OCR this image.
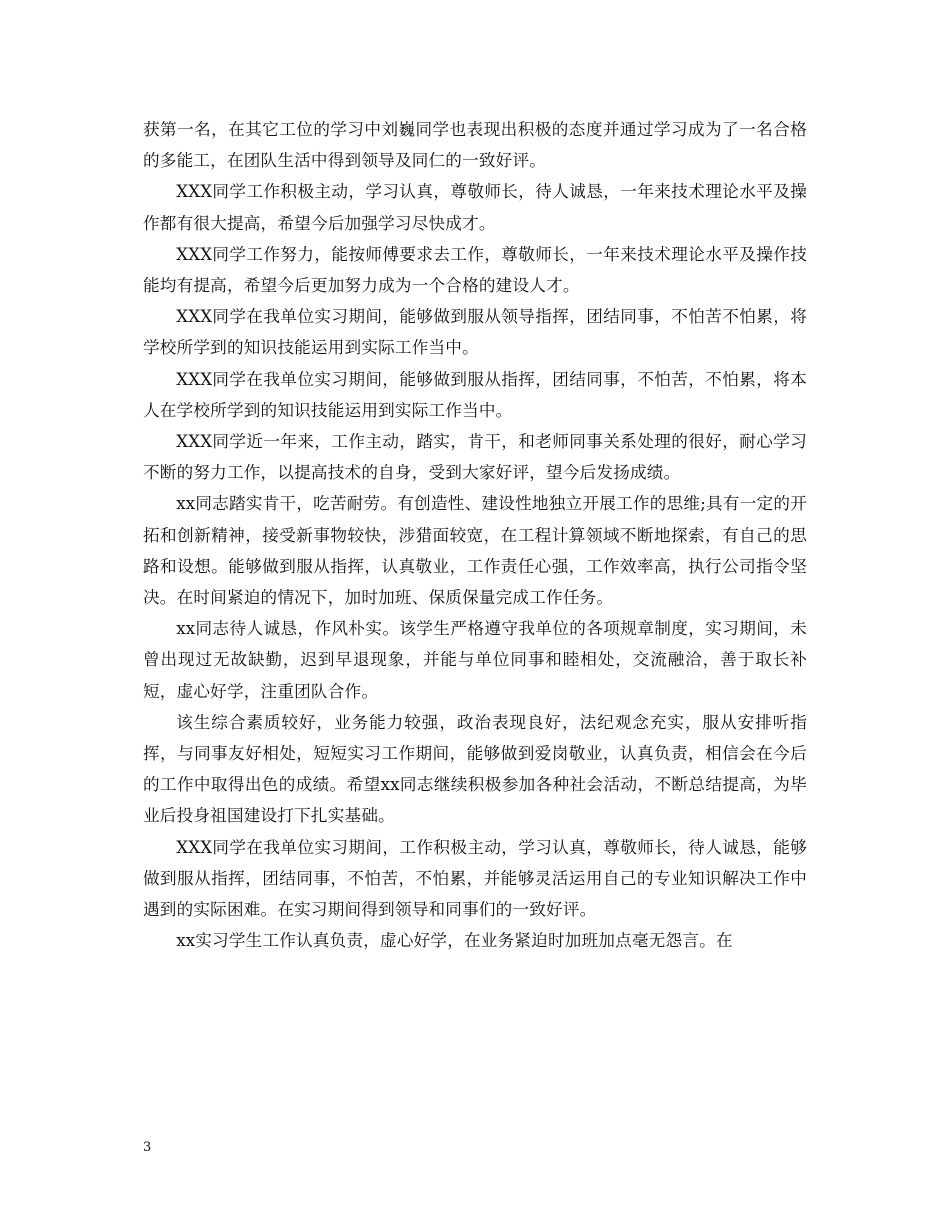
获第一名，在其它工位的学习中刘巍同学也表现出积极的态度并通过学习成为了一名合格的多能工，在团队生活中得到领导及同仁的一致好评。

XXX同学工作积极主动，学习认真，尊敬师长，待人诚恳，一年来技术理论水平及操作都有很大提高，希望今后加强学习尽快成才。

XXX同学工作努力，能按师傅要求去工作，尊敬师长，一年来技术理论水平及操作技能均有提高，希望今后更加努力成为一个合格的建设人才。

XXX同学在我单位实习期间，能够做到服从领导指挥，团结同事，不怕苦不怕累，将学校所学到的知识技能运用到实际工作当中。

XXX同学在我单位实习期间，能够做到服从指挥，团结同事，不怕苦，不怕累，将本人在学校所学到的知识技能运用到实际工作当中。

XXX同学近一年来，工作主动，踏实，肯干，和老师同事关系处理的很好，耐心学习不断的努力工作，以提高技术的自身，受到大家好评，望今后发扬成绩。

xx同志踏实肯干，吃苦耐劳。有创造性、建设性地独立开展工作的思维;具有一定的开拓和创新精神，接受新事物较快，涉猎面较宽，在工程计算领域不断地探索，有自己的思路和设想。能够做到服从指挥，认真敬业，工作责任心强，工作效率高，执行公司指令坚决。在时间紧迫的情况下，加时加班、保质保量完成工作任务。

xx同志待人诚恳，作风朴实。该学生严格遵守我单位的各项规章制度，实习期间，未曾出现过无故缺勤，迟到早退现象，并能与单位同事和睦相处，交流融洽，善于取长补短，虚心好学，注重团队合作。

该生综合素质较好，业务能力较强，政治表现良好，法纪观念充实，服从安排听指挥，与同事友好相处，短短实习工作期间，能够做到爱岗敬业，认真负责，相信会在今后的工作中取得出色的成绩。希望xx同志继续积极参加各种社会活动，不断总结提高，为毕业后投身祖国建设打下扎实基础。

XXX同学在我单位实习期间，工作积极主动，学习认真，尊敬师长，待人诚恳，能够做到服从指挥，团结同事，不怕苦，不怕累，并能够灵活运用自己的专业知识解决工作中遇到的实际困难。在实习期间得到领导和同事们的一致好评。

xx实习学生工作认真负责，虚心好学，在业务紧迫时加班加点毫无怨言。在

3
